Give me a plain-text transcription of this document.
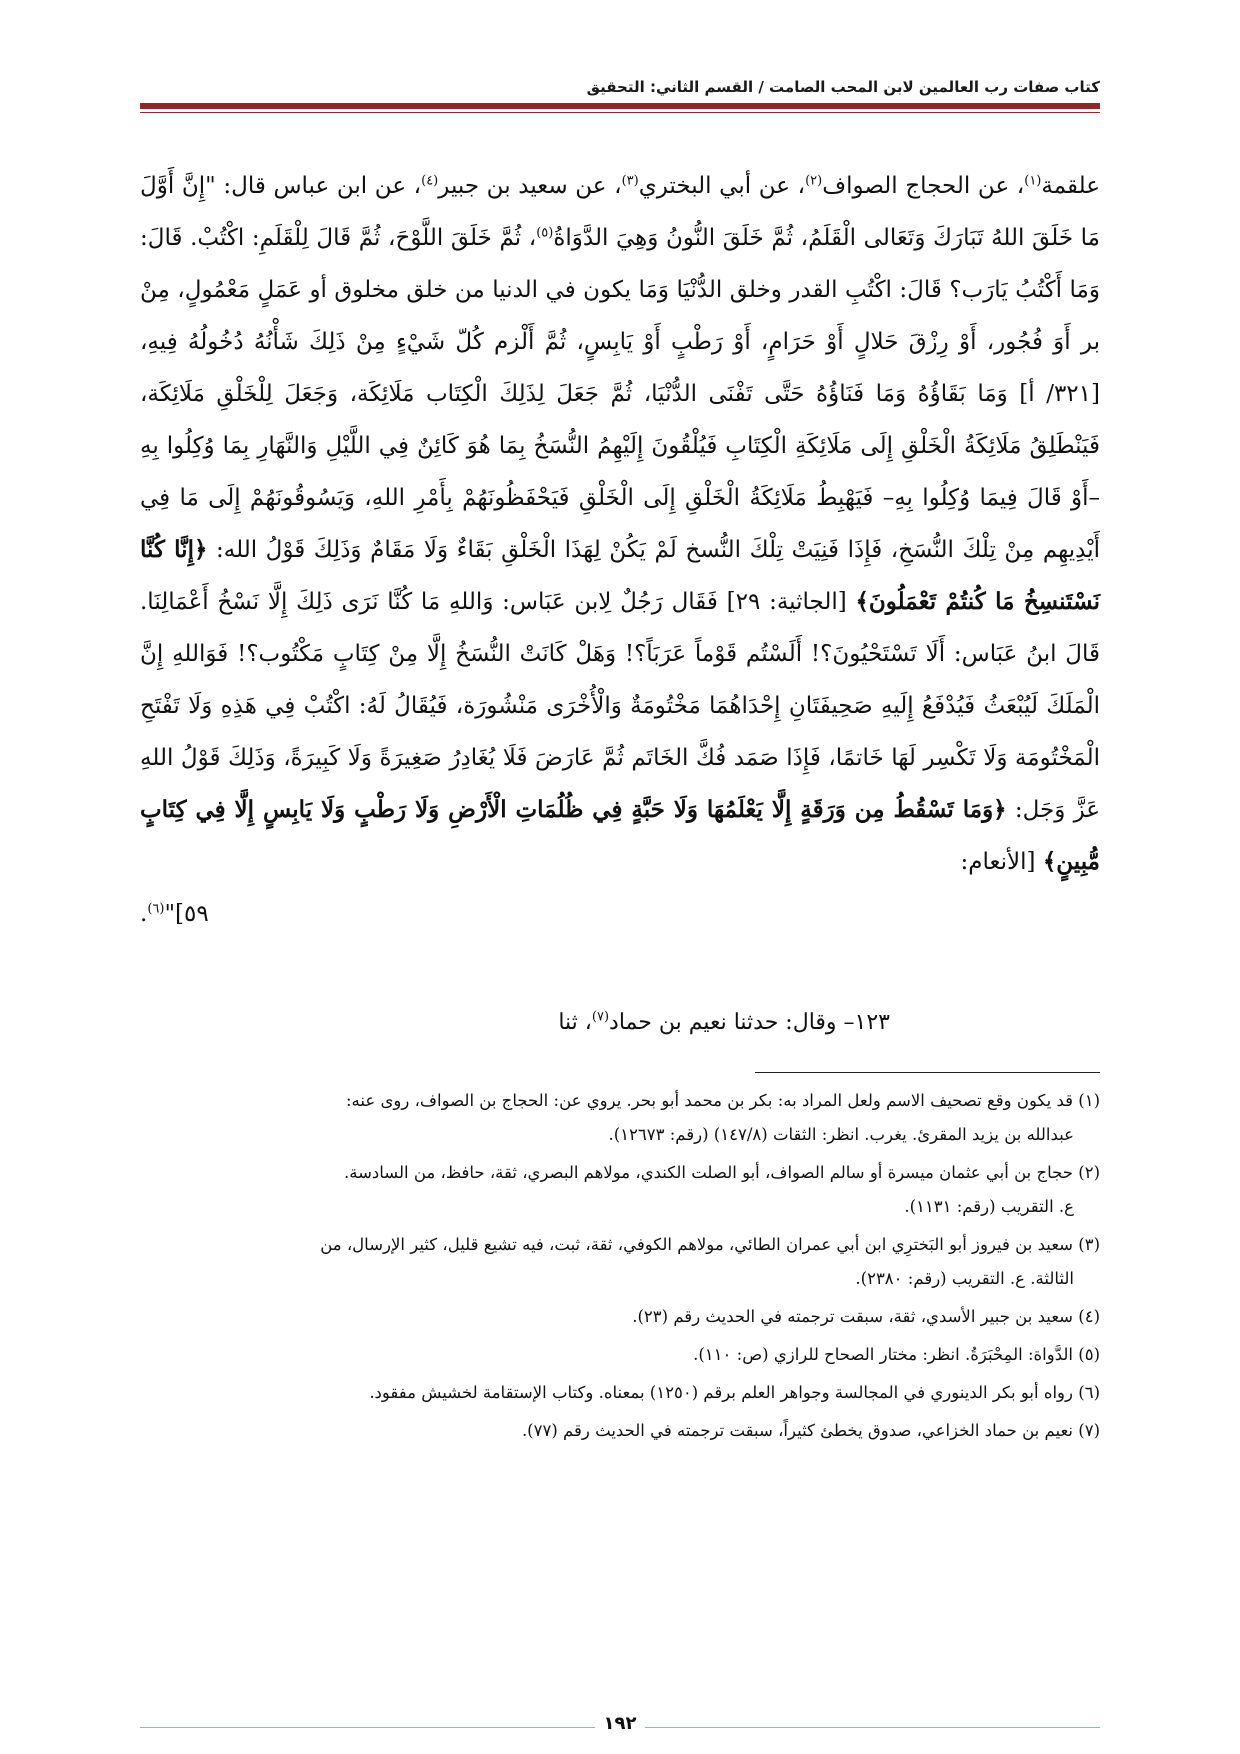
كتاب صفات رب العالمين لابن المحب الصامت / القسم الثاني: التحقيق

علقمة$^{(١)}$، عن الحجاج الصواف$^{(٢)}$، عن أبي البختري$^{(٣)}$، عن سعيد بن جبير$^{(٤)}$، عن ابن عباس قال: "إِنَّ أَوَّلَ مَا خَلَقَ اللهُ تَبَارَكَ وَتَعَالى الْقَلَمُ، ثُمَّ خَلَقَ النُّونُ وَهِيَ الدَّوَاةُ$^{(٥)}$، ثُمَّ خَلَقَ اللَّوْحَ، ثُمَّ قَالَ لِلْقَلَمِ: اكْتُبْ. قَالَ: وَمَا أَكْتُبُ يَارَب؟ قَالَ: اكْتُبِ القدر وخلق الدُّنْيَا وَمَا يكون في الدنيا من خلق مخلوق أو عَمَلٍ مَعْمُولٍ، مِنْ بر أَوَ فُجُور، أَوْ رِزْقَ حَلالٍ أَوْ حَرَامٍ، أَوْ رَطْبٍ أَوْ يَابِسٍ، ثُمَّ أَلْزم كُلّ شَيْءٍ مِنْ ذَلِكَ شَأْنُهُ دُخُولُهُ فِيهِ، [٣٢١/ أ] وَمَا بَقَاؤُهُ وَمَا فَنَاؤُهُ حَتَّى تَفْنَى الدُّنْيَا، ثُمَّ جَعَلَ لِذَلِكَ الْكِتَاب مَلَائِكَة، وَجَعَلَ لِلْخَلْقِ مَلَائِكَة، فَيَنْطَلِقُ مَلَائِكَةُ الْخَلْقِ إِلَى مَلَائِكَةِ الْكِتَابِ فَيُلْقُونَ إِلَيْهِمُ النُّسَخُ بِمَا هُوَ كَائِنٌ فِي اللَّيْلِ وَالنَّهَارِ بِمَا وُكِلُوا بِهِ –أَوْ قَالَ فِيمَا وُكِلُوا بِهِ– فَيَهْبِطُ مَلَائِكَةُ الْخَلْقِ إِلَى الْخَلْقِ فَيَحْفَظُونَهُمْ بِأَمْرِ اللهِ، وَيَسُوقُونَهُمْ إِلَى مَا فِي أَيْدِيهِم مِنْ تِلْكَ النُّسَخِ، فَإِذَا فَنِيَتْ تِلْكَ النُّسخ لَمْ يَكُنْ لِهَذَا الْخَلْقِ بَقَاءٌ وَلَا مَقَامٌ وَذَلِكَ قَوْلُ الله: ﴿إِنَّا كُنَّا نَسْتَنسِخُ مَا كُنتُمْ تَعْمَلُونَ﴾ [الجاثية: ٢٩] فَقَال رَجُلٌ لِابن عَبَاس: وَاللهِ مَا كُنَّا نَرَى ذَلِكَ إِلَّا نَسْخُ أَعْمَالِنَا. قَالَ ابنُ عَبَاس: أَلَا تَسْتَحْيُونَ؟! أَلَسْتُم قَوْماً عَرَبَاً؟! وَهَلْ كَانَتْ النُّسَخُ إِلَّا مِنْ كِتَابٍ مَكْتُوب؟! فَوَاللهِ إِنَّ الْمَلَكَ لَيُبْعَثُ فَيُدْفَعُ إِلَيهِ صَحِيفَتَانِ إِحْدَاهُمَا مَخْتُومَةٌ وَالْأُخْرَى مَنْشُورَة، فَيُقَالُ لَهُ: اكْتُبْ فِي هَذِهِ وَلَا تَفْتَحِ الْمَخْتُومَة وَلَا تَكْسِر لَهَا خَاتمًا، فَإِذَا صَمَد فُكَّ الخَاتَم ثُمَّ عَارَضَ فَلَا يُغَادِرُ صَغِيرَةً وَلَا كَبِيرَةً، وَذَلِكَ قَوْلُ اللهِ عَزَّ وَجَل: ﴿وَمَا تَسْقُطُ مِن وَرَقَةٍ إِلَّا يَعْلَمُهَا وَلَا حَبَّةٍ فِي ظُلُمَاتِ الْأَرْضِ وَلَا رَطْبٍ وَلَا يَابِسٍ إِلَّا فِي كِتَابٍ مُّبِينٍ﴾ [الأنعام:

٥٩]"$^{(٦)}$.

١٢٣– وقال: حدثنا نعيم بن حماد$^{(٧)}$، ثنا
(١) قد يكون وقع تصحيف الاسم ولعل المراد به: بكر بن محمد أبو بحر. يروي عن: الحجاج بن الصواف، روى عنه:
عبدالله بن يزيد المقرئ. يغرب. انظر: الثقات (١٤٧/٨) (رقم: ١٢٦٧٣).
(٢) حجاج بن أبي عثمان ميسرة أو سالم الصواف، أبو الصلت الكندي، مولاهم البصري، ثقة، حافظ، من السادسة.
ع. التقريب (رقم: ١١٣١).
(٣) سعيد بن فيروز أبو البَخترِي ابن أبي عمران الطائي، مولاهم الكوفي، ثقة، ثبت، فيه تشيع قليل، كثير الإرسال، من
الثالثة. ع. التقريب (رقم: ٢٣٨٠).
(٤) سعيد بن جبير الأسدي، ثقة، سبقت ترجمته في الحديث رقم (٢٣).
(٥) الدَّواة: المِحْبَرَةُ. انظر: مختار الصحاح للرازي (ص: ١١٠).
(٦) رواه أبو بكر الدينوري في المجالسة وجواهر العلم برقم (١٢٥٠) بمعناه. وكتاب الإستقامة لخشيش مفقود.
(٧) نعيم بن حماد الخزاعي، صدوق يخطئ كثيراً، سبقت ترجمته في الحديث رقم (٧٧).
١٩٢
